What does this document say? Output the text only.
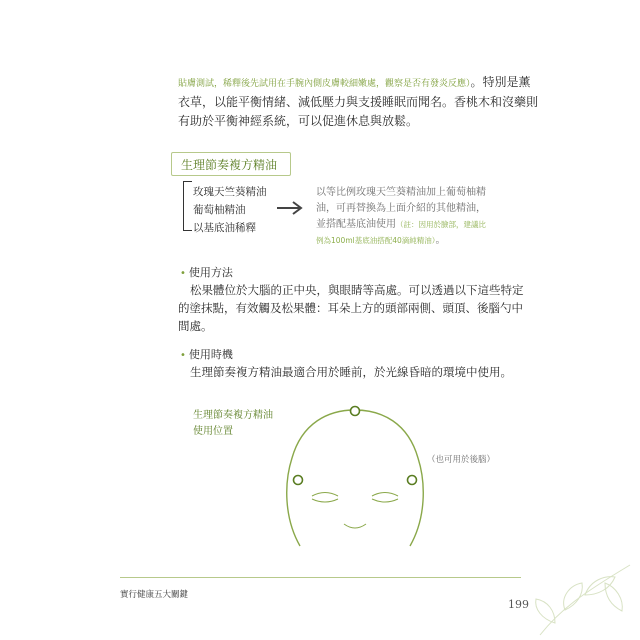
貼膚測試，稀釋後先試用在手腕內側皮膚較細嫩處，觀察是否有發炎反應）。特別是薰
衣草，以能平衡情緒、減低壓力與支援睡眠而聞名。香桃木和沒藥則
有助於平衡神經系統，可以促進休息與放鬆。
生理節奏複方精油
玫瑰天竺葵精油
葡萄柚精油
以基底油稀釋
以等比例玫瑰天竺葵精油加上葡萄柚精
油，可再替換為上面介紹的其他精油，
並搭配基底油使用（註：因用於臉部，建議比
例為100ml基底油搭配40滴純精油）。
• 使用方法
松果體位於大腦的正中央，與眼睛等高處。可以透過以下這些特定
的塗抹點，有效觸及松果體：耳朵上方的頭部兩側、頭頂、後腦勺中
間處。
• 使用時機
生理節奏複方精油最適合用於睡前，於光線昏暗的環境中使用。
生理節奏複方精油
使用位置
（也可用於後腦）
實行健康五大關鍵
199
